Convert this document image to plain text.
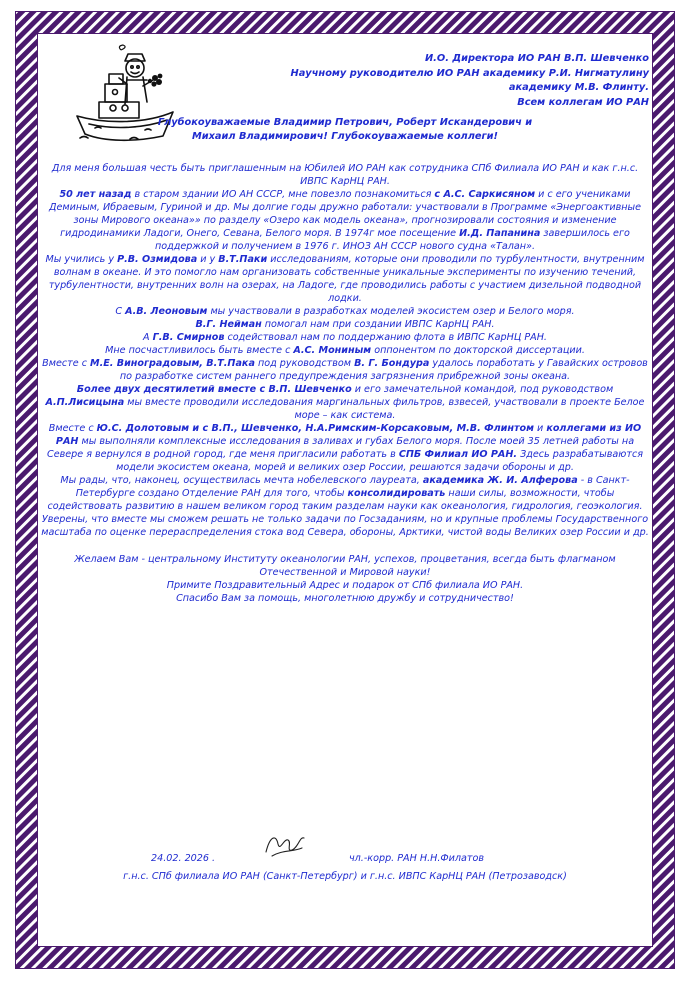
И.О. Директора ИО РАН В.П. Шевченко
Научному руководителю ИО РАН академику Р.И. Нигматулину
академику М.В. Флинту.
Всем коллегам ИО РАН
Глубокоуважаемые Владимир Петрович, Роберт Искандерович и
Михаил Владимирович! Глубокоуважаемые коллеги!

Для меня большая честь быть приглашенным на Юбилей ИО РАН как сотрудника СПб Филиала ИО РАН и как г.н.с. ИВПС КарНЦ РАН.

50 лет назад в старом здании ИО АН СССР, мне повезло познакомиться с А.С. Саркисяном и с его учениками Деминым, Ибраевым, Гуриной и др. Мы долгие годы дружно работали: участвовали в Программе «Энергоактивные зоны Мирового океана»» по разделу «Озеро как модель океана», прогнозировали состояния и изменение гидродинамики Ладоги, Онего, Севана, Белого моря. В 1974г мое посещение И.Д. Папанина завершилось его поддержкой и получением в 1976 г. ИНОЗ АН СССР нового судна «Талан».

Мы учились у Р.В. Озмидова и у В.Т.Паки исследованиям, которые они проводили по турбулентности, внутренним волнам в океане. И это помогло нам организовать собственные уникальные эксперименты по изучению течений, турбулентности, внутренних волн на озерах, на Ладоге, где проводились работы с участием дизельной подводной лодки.

С А.В. Леоновым мы участвовали в разработках моделей экосистем озер и Белого моря.

В.Г. Нейман помогал нам при создании ИВПС КарНЦ РАН.

А Г.В. Смирнов содействовал нам по поддержанию флота в ИВПС КарНЦ РАН.

Мне посчастливилось быть вместе с А.С. Мониным оппонентом по докторской диссертации.

Вместе с М.Е. Виноградовым, В.Т.Пака под руководством В. Г. Бондура удалось поработать у Гавайских островов по разработке систем раннего предупреждения загрязнения прибрежной зоны океана.

Более двух десятилетий вместе с В.П. Шевченко и его замечательной командой, под руководством А.П.Лисицына мы вместе проводили исследования маргинальных фильтров, взвесей, участвовали в проекте Белое море – как система.

Вместе с Ю.С. Долотовым и с В.П., Шевченко, Н.А.Римским-Корсаковым, М.В. Флинтом и коллегами из ИО РАН мы выполняли комплексные исследования в заливах и губах Белого моря. После моей 35 летней работы на Севере я вернулся в родной город, где меня пригласили работать в СПБ Филиал ИО РАН. Здесь разрабатываются модели экосистем океана, морей и великих озер России, решаются задачи обороны и др.

Мы рады, что, наконец, осуществилась мечта нобелевского лауреата, академика Ж. И. Алферова - в Санкт-Петербурге создано Отделение РАН для того, чтобы консолидировать наши силы, возможности, чтобы содействовать развитию в нашем великом город таким разделам науки как океанология, гидрология, геоэкология. Уверены, что вместе мы сможем решать не только задачи по Госзаданиям, но и крупные проблемы Государственного масштаба по оценке перераспределения стока вод Севера, обороны, Арктики, чистой воды Великих озер России и др.

Желаем Вам - центральному Институту океанологии РАН, успехов, процветания, всегда быть флагманом Отечественной и Мировой науки!

Примите Поздравительный Адрес и подарок от СПб филиала ИО РАН.

Спасибо Вам за помощь, многолетнюю дружбу и сотрудничество!

24.02. 2026 .	чл.-корр. РАН Н.Н.Филатов
г.н.с. СПб филиала ИО РАН (Санкт-Петербург) и г.н.с. ИВПС КарНЦ РАН (Петрозаводск)
